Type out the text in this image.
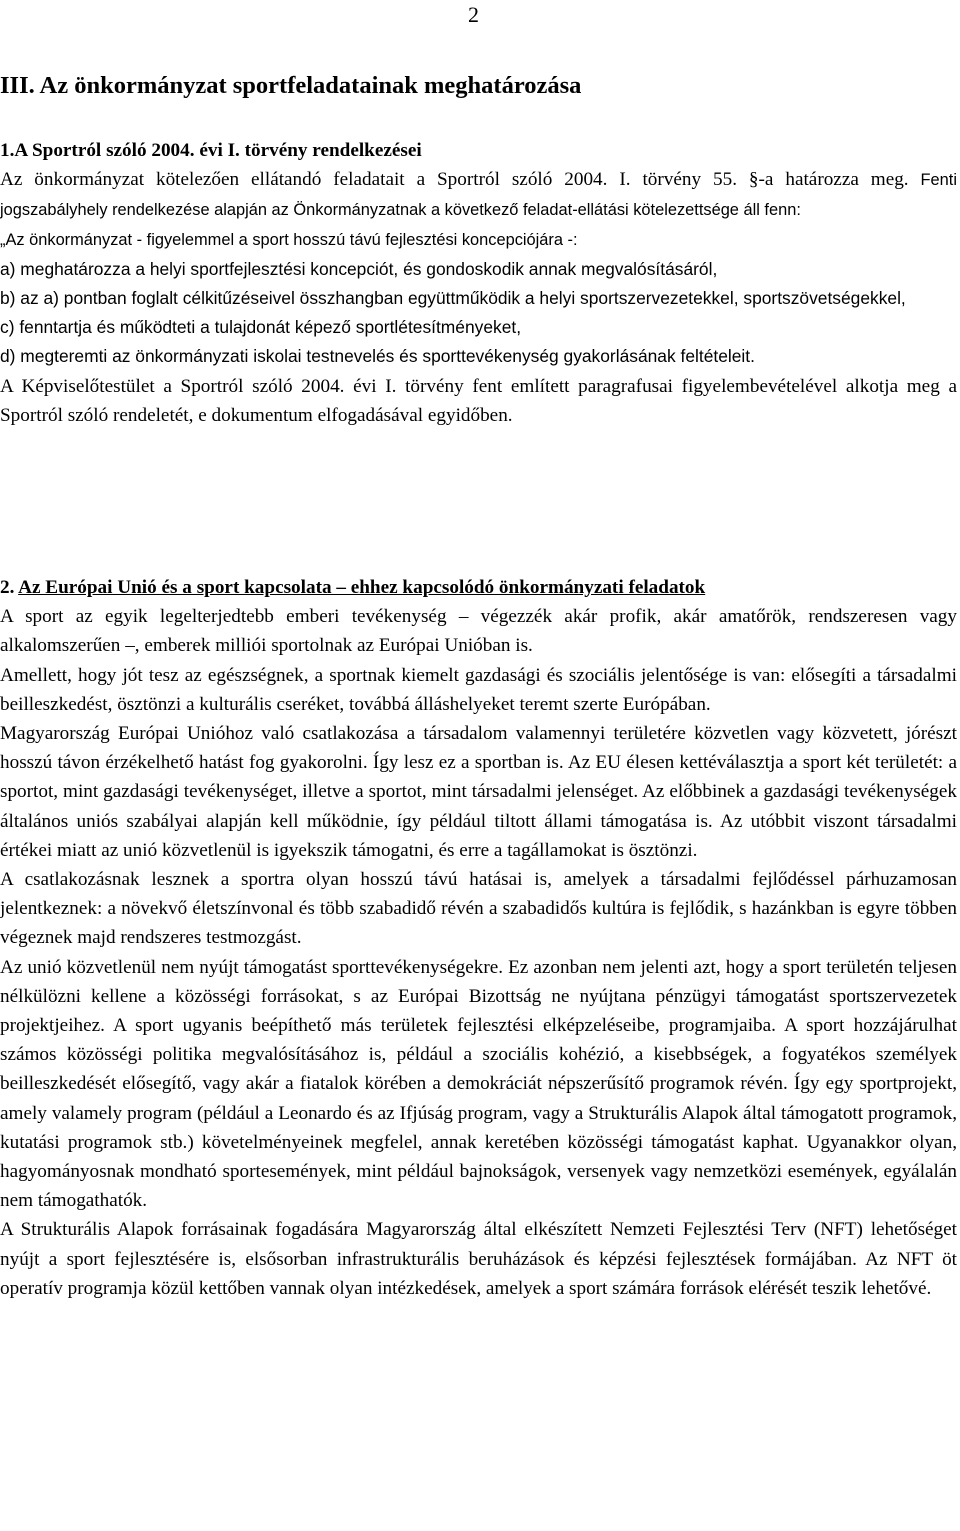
2
III. Az önkormányzat sportfeladatainak meghatározása

1.A Sportról szóló 2004. évi I. törvény rendelkezései

Az önkormányzat kötelezően ellátandó feladatait a Sportról szóló 2004. I. törvény 55. §-a határozza meg. Fenti jogszabályhely rendelkezése alapján az Önkormányzatnak a következő feladat-ellátási kötelezettsége áll fenn:

„Az önkormányzat - figyelemmel a sport hosszú távú fejlesztési koncepciójára -:

a) meghatározza a helyi sportfejlesztési koncepciót, és gondoskodik annak megvalósításáról,

b) az a) pontban foglalt célkitűzéseivel összhangban együttműködik a helyi sportszervezetekkel, sportszövetségekkel,

c) fenntartja és működteti a tulajdonát képező sportlétesítményeket,

d) megteremti az önkormányzati iskolai testnevelés és sporttevékenység gyakorlásának feltételeit.

A Képviselőtestület a Sportról szóló 2004. évi I. törvény fent említett paragrafusai figyelembevételével alkotja meg a Sportról szóló rendeletét, e dokumentum elfogadásával egyidőben.

2. Az Európai Unió és a sport kapcsolata – ehhez kapcsolódó önkormányzati feladatok

A sport az egyik legelterjedtebb emberi tevékenység – végezzék akár profik, akár amatőrök, rendszeresen vagy alkalomszerűen –, emberek milliói sportolnak az Európai Unióban is.

Amellett, hogy jót tesz az egészségnek, a sportnak kiemelt gazdasági és szociális jelentősége is van: elősegíti a társadalmi beilleszkedést, ösztönzi a kulturális cseréket, továbbá álláshelyeket teremt szerte Európában.

Magyarország Európai Unióhoz való csatlakozása a társadalom valamennyi területére közvetlen vagy közvetett, jórészt hosszú távon érzékelhető hatást fog gyakorolni. Így lesz ez a sportban is. Az EU élesen kettéválasztja a sport két területét: a sportot, mint gazdasági tevékenységet, illetve a sportot, mint társadalmi jelenséget. Az előbbinek a gazdasági tevékenységek általános uniós szabályai alapján kell működnie, így például tiltott állami támogatása is. Az utóbbit viszont társadalmi értékei miatt az unió közvetlenül is igyekszik támogatni, és erre a tagállamokat is ösztönzi.

A csatlakozásnak lesznek a sportra olyan hosszú távú hatásai is, amelyek a társadalmi fejlődéssel párhuzamosan jelentkeznek: a növekvő életszínvonal és több szabadidő révén a szabadidős kultúra is fejlődik, s hazánkban is egyre többen végeznek majd rendszeres testmozgást.

Az unió közvetlenül nem nyújt támogatást sporttevékenységekre. Ez azonban nem jelenti azt, hogy a sport területén teljesen nélkülözni kellene a közösségi forrásokat, s az Európai Bizottság ne nyújtana pénzügyi támogatást sportszervezetek projektjeihez. A sport ugyanis beépíthető más területek fejlesztési elképzeléseibe, programjaiba. A sport hozzájárulhat számos közösségi politika megvalósításához is, például a szociális kohézió, a kisebbségek, a fogyatékos személyek beilleszkedését elősegítő, vagy akár a fiatalok körében a demokráciát népszerűsítő programok révén. Így egy sportprojekt, amely valamely program (például a Leonardo és az Ifjúság program, vagy a Strukturális Alapok által támogatott programok, kutatási programok stb.) követelményeinek megfelel, annak keretében közösségi támogatást kaphat. Ugyanakkor olyan, hagyományosnak mondható sportesemények, mint például bajnokságok, versenyek vagy nemzetközi események, egyálalán nem támogathatók.

A Strukturális Alapok forrásainak fogadására Magyarország által elkészített Nemzeti Fejlesztési Terv (NFT) lehetőséget nyújt a sport fejlesztésére is, elsősorban infrastrukturális beruházások és képzési fejlesztések formájában. Az NFT öt operatív programja közül kettőben vannak olyan intézkedések, amelyek a sport számára források elérését teszik lehetővé.
